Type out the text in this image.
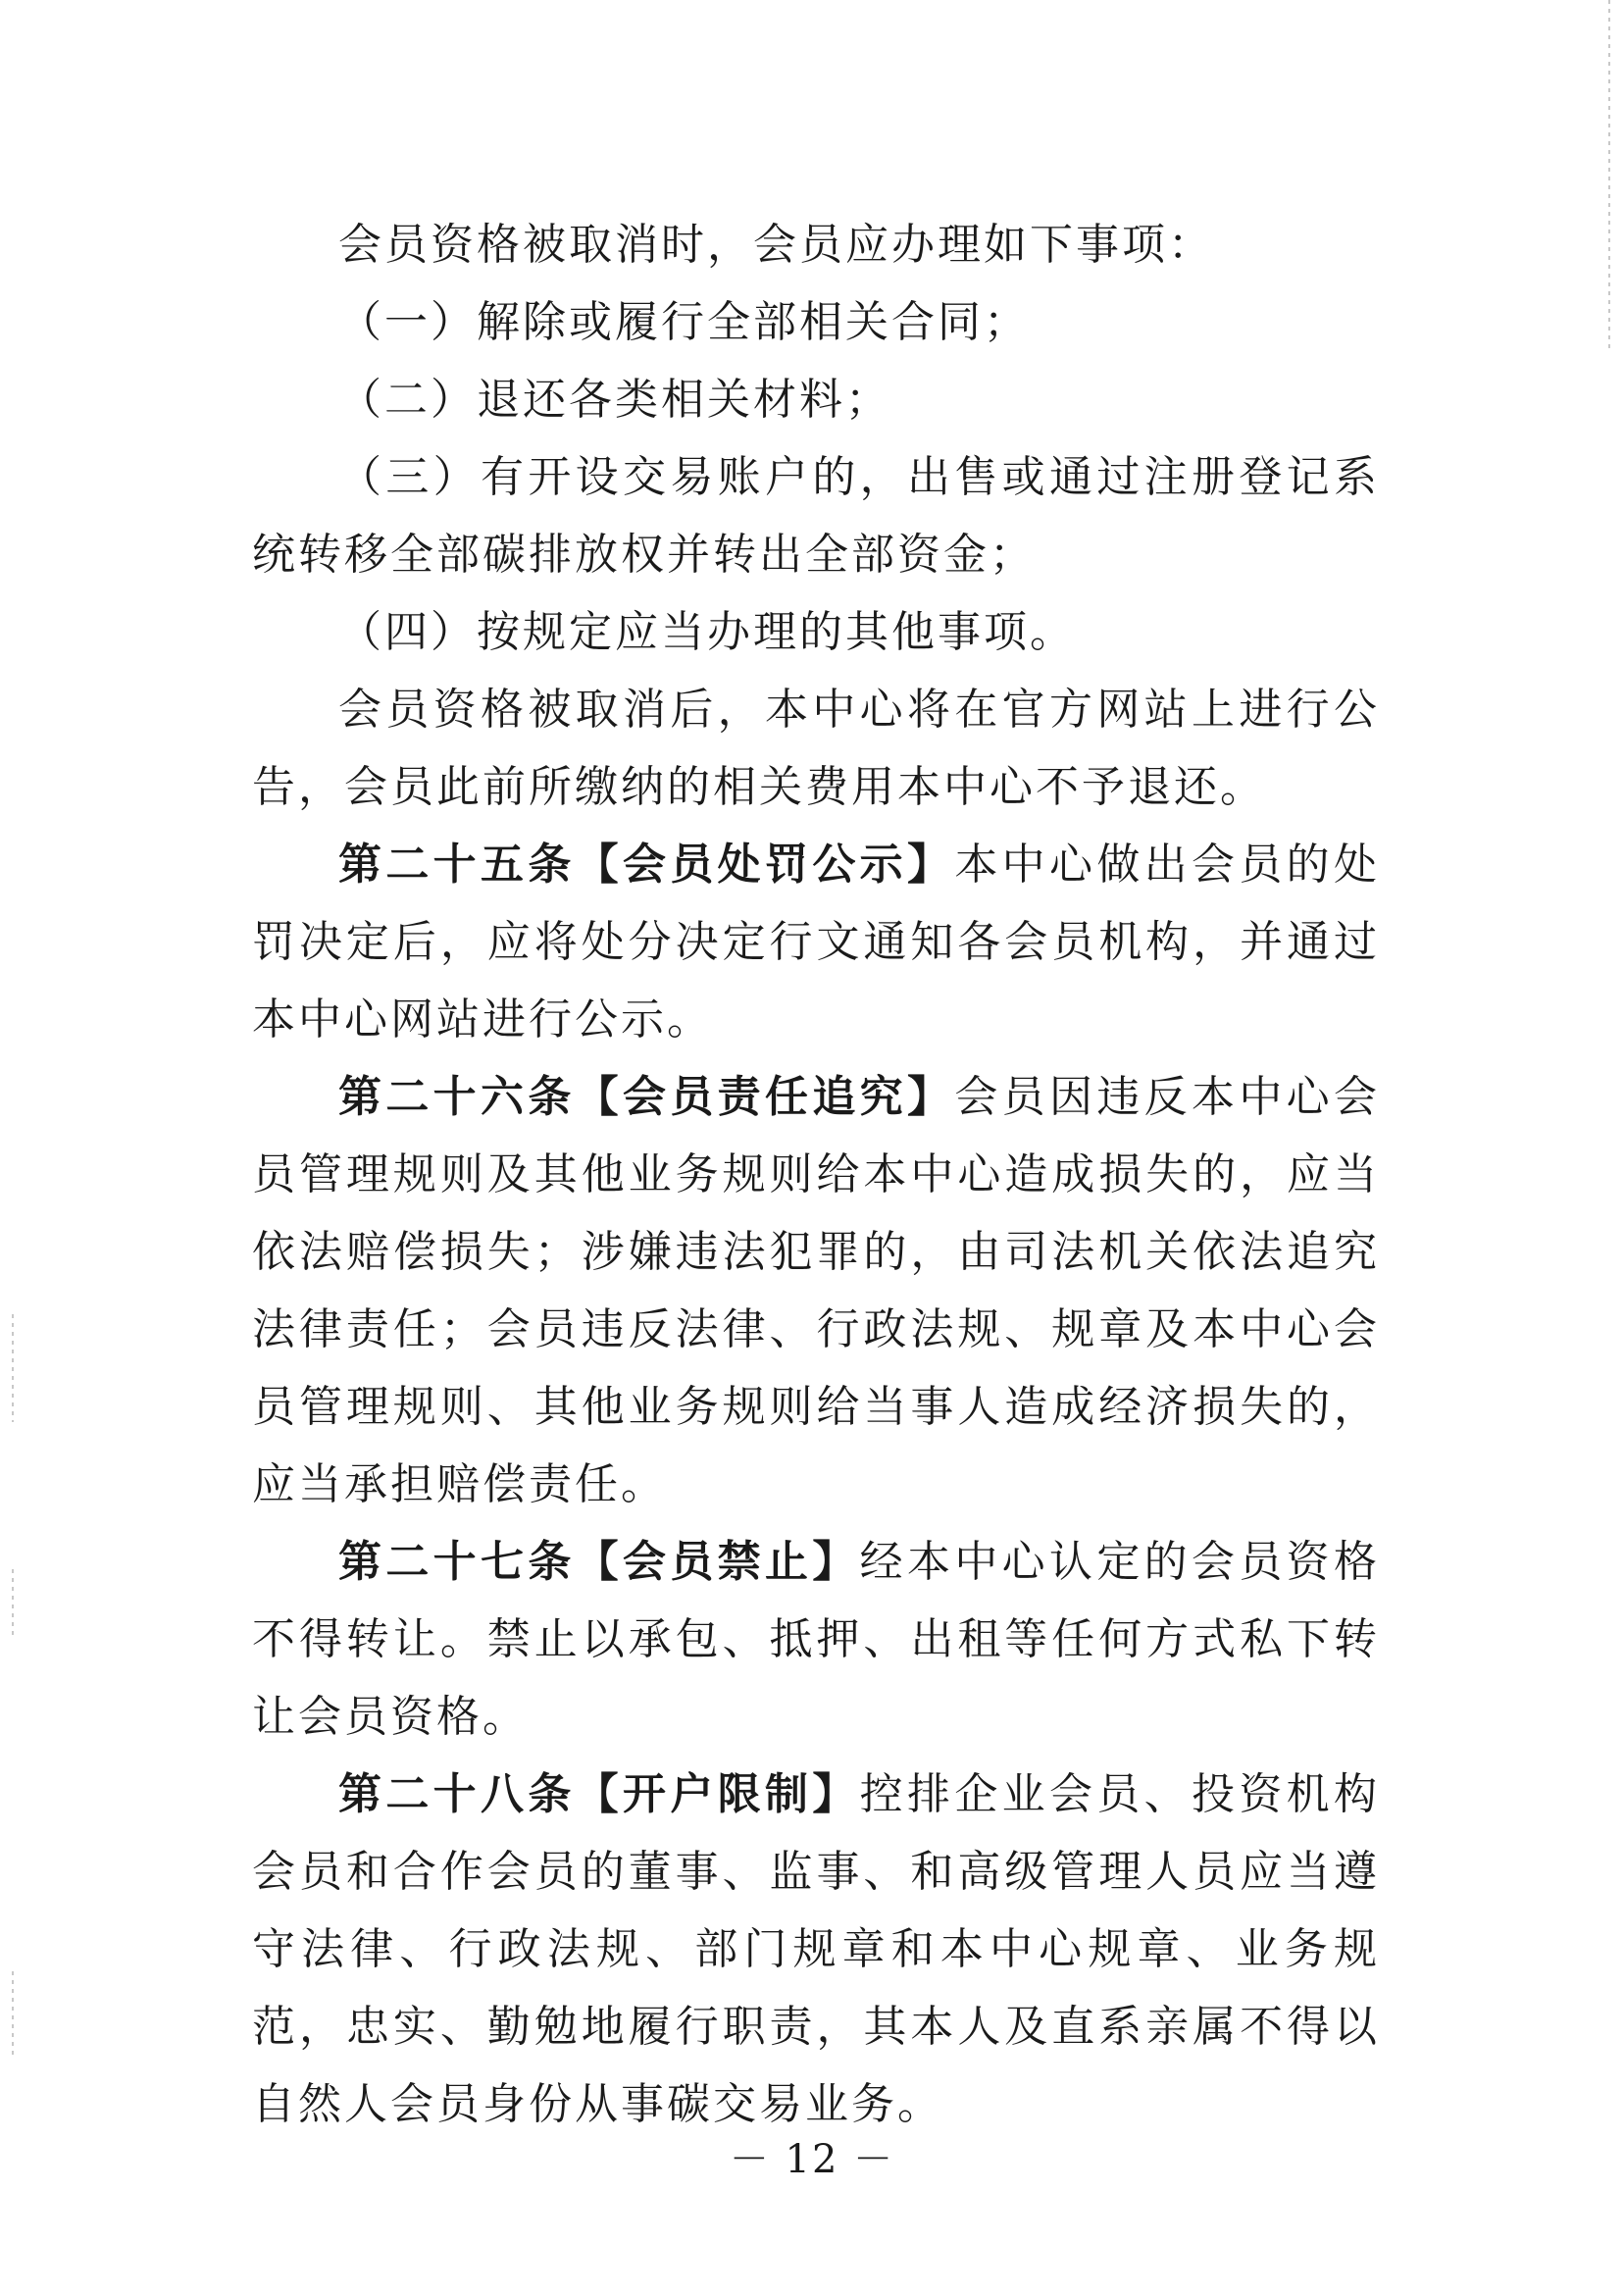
会员资格被取消时，会员应办理如下事项：

（一）解除或履行全部相关合同；

（二）退还各类相关材料；

（三）有开设交易账户的，出售或通过注册登记系统转移全部碳排放权并转出全部资金；

（四）按规定应当办理的其他事项。

会员资格被取消后，本中心将在官方网站上进行公告，会员此前所缴纳的相关费用本中心不予退还。

第二十五条【会员处罚公示】本中心做出会员的处罚决定后，应将处分决定行文通知各会员机构，并通过本中心网站进行公示。

第二十六条【会员责任追究】会员因违反本中心会员管理规则及其他业务规则给本中心造成损失的，应当依法赔偿损失；涉嫌违法犯罪的，由司法机关依法追究法律责任；会员违反法律、行政法规、规章及本中心会员管理规则、其他业务规则给当事人造成经济损失的，应当承担赔偿责任。

第二十七条【会员禁止】经本中心认定的会员资格不得转让。禁止以承包、抵押、出租等任何方式私下转让会员资格。

第二十八条【开户限制】控排企业会员、投资机构会员和合作会员的董事、监事、和高级管理人员应当遵守法律、行政法规、部门规章和本中心规章、业务规范，忠实、勤勉地履行职责，其本人及直系亲属不得以自然人会员身份从事碳交易业务。

－ 12 －
